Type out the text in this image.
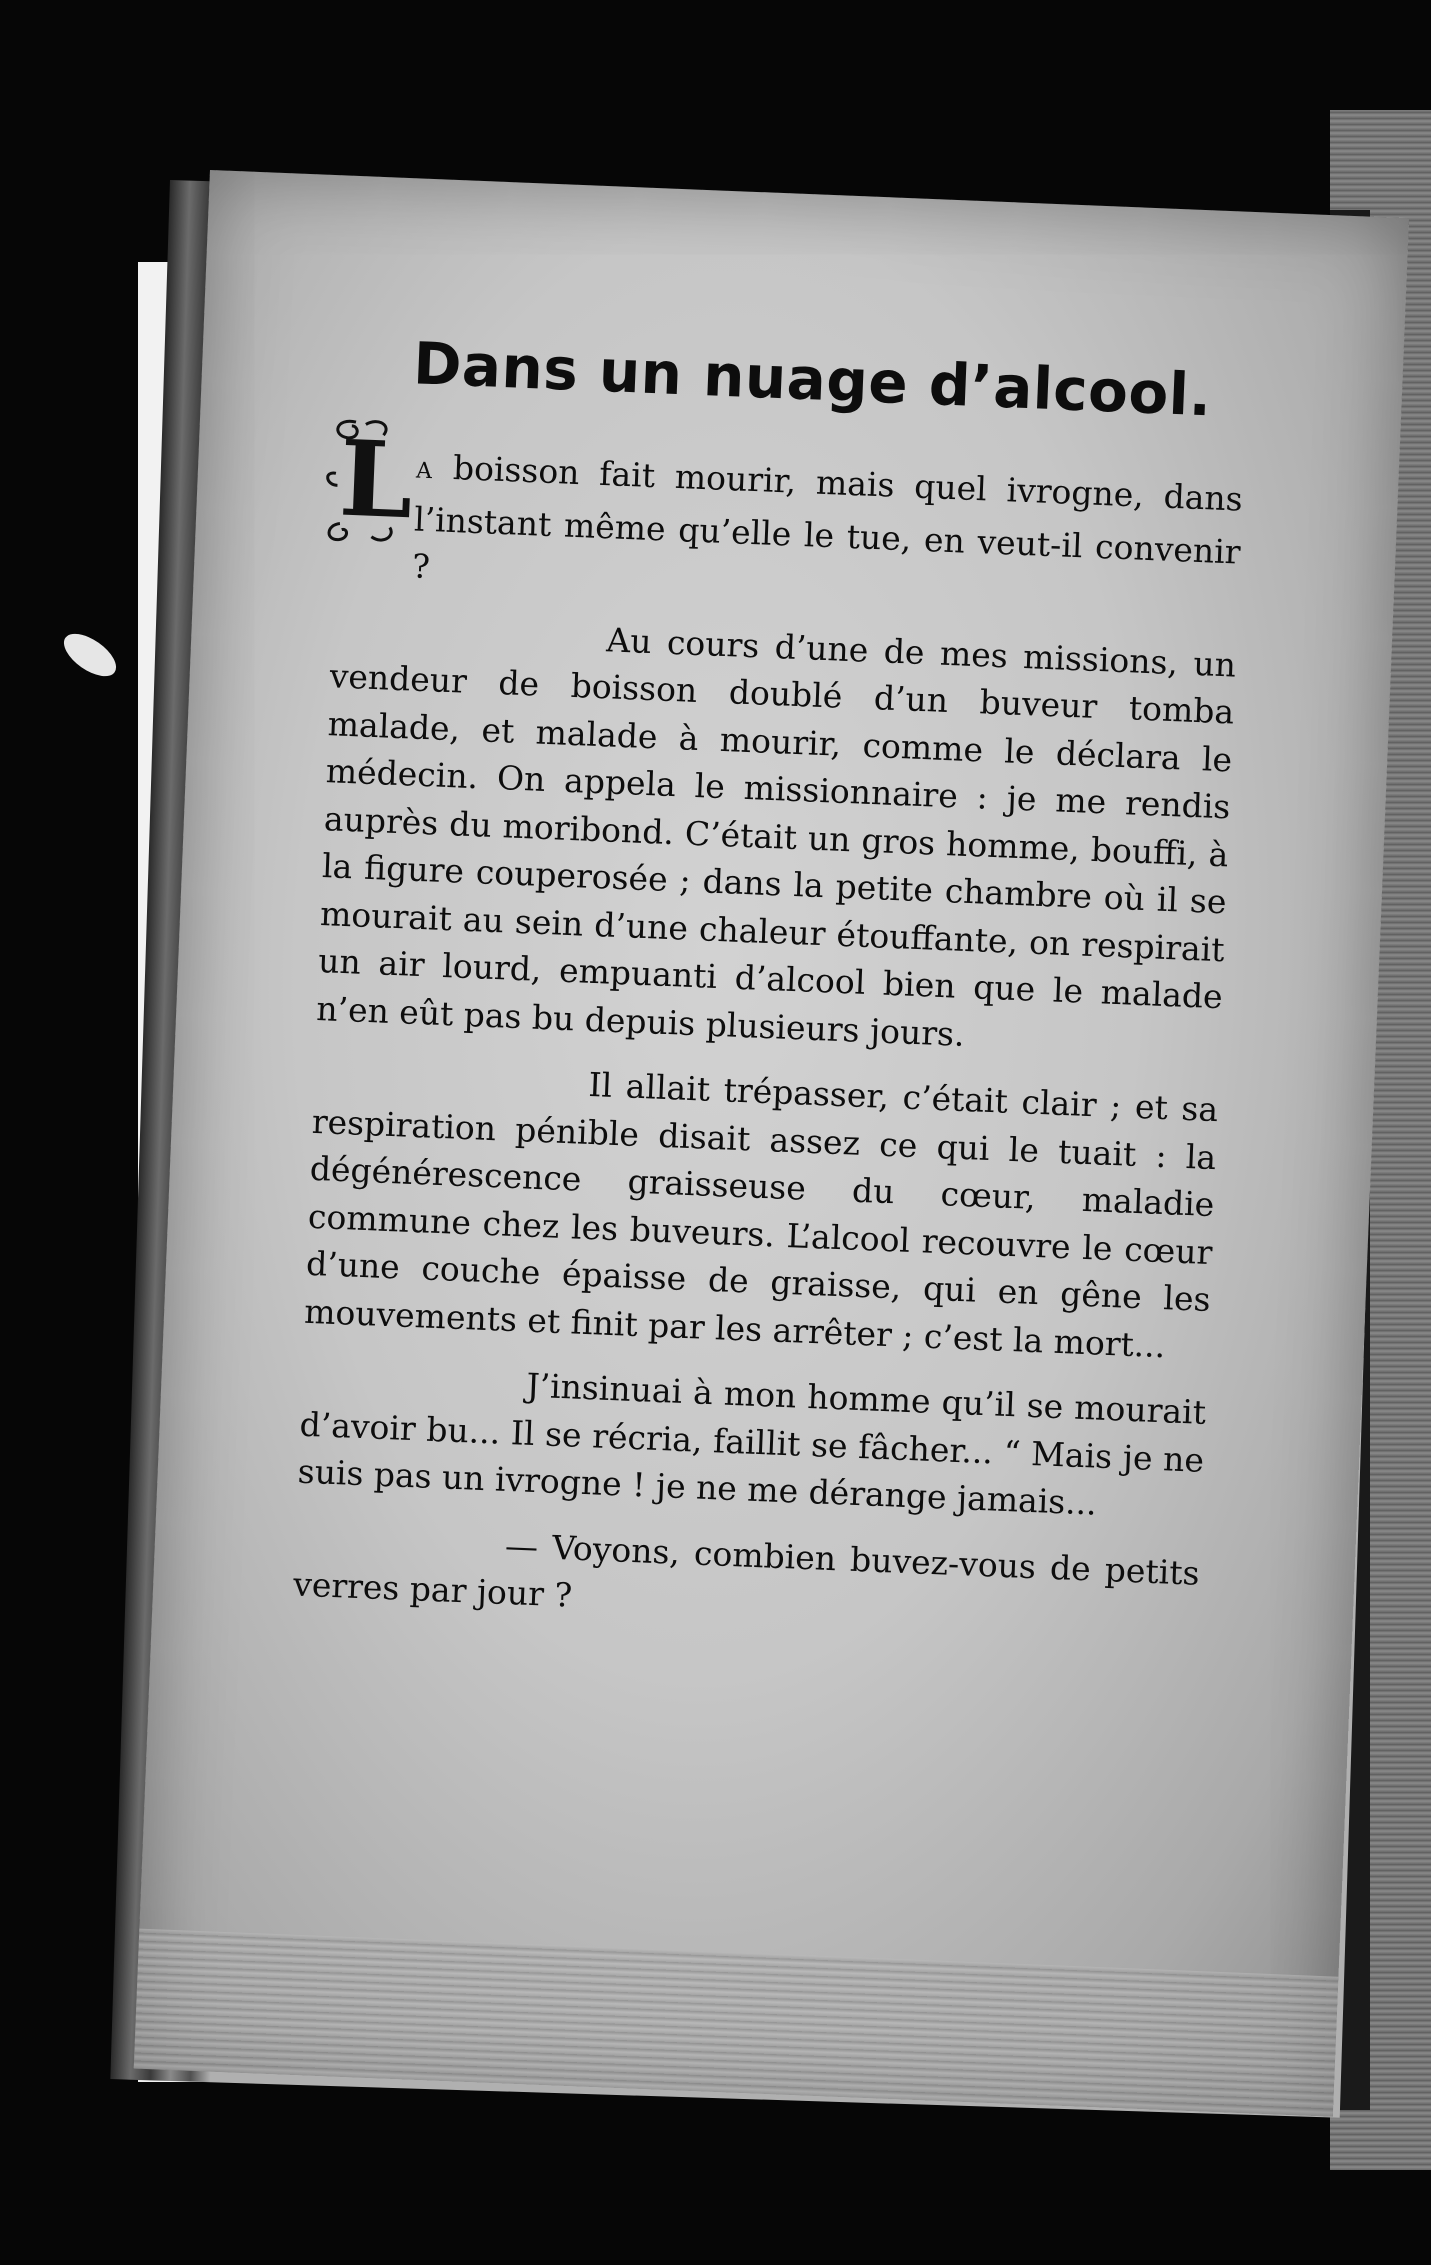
Dans un nuage d’alcool.

L A boisson fait mourir, mais quel ivrogne, dans l’instant même qu’elle le tue, en veut-il convenir ?

Au cours d’une de mes missions, un vendeur de boisson doublé d’un buveur tomba malade, et malade à mourir, comme le déclara le médecin. On appela le missionnaire : je me rendis auprès du moribond. C’était un gros homme, bouffi, à la figure couperosée ; dans la petite chambre où il se mourait au sein d’une chaleur étouffante, on respirait un air lourd, empuanti d’alcool bien que le malade n’en eût pas bu depuis plusieurs jours.

Il allait trépasser, c’était clair ; et sa respiration pénible disait assez ce qui le tuait : la dégénérescence graisseuse du cœur, maladie commune chez les buveurs. L’alcool recouvre le cœur d’une couche épaisse de graisse, qui en gêne les mouvements et finit par les arrêter ; c’est la mort...

J’insinuai à mon homme qu’il se mourait d’avoir bu... Il se récria, faillit se fâcher... “ Mais je ne suis pas un ivrogne ! je ne me dérange jamais...

— Voyons, combien buvez-vous de petits verres par jour ?
